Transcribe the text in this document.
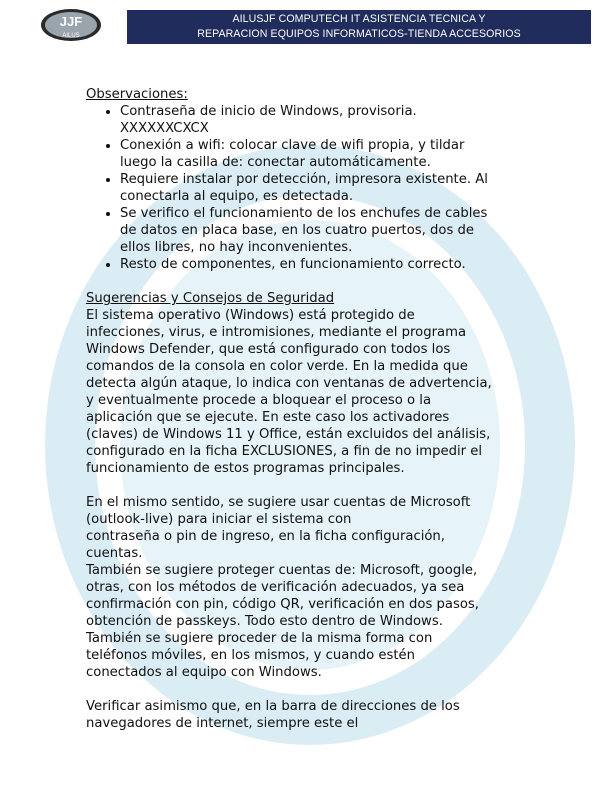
JJF
AILUS
AILUSJF COMPUTECH IT ASISTENCIA TECNICA Y
REPARACION EQUIPOS INFORMATICOS-TIENDA ACCESORIOS
Observaciones:
• Contraseña de inicio de Windows, provisoria.
XXXXXXCXCX
• Conexión a wifi: colocar clave de wifi propia, y tildar
luego la casilla de: conectar automáticamente.
• Requiere instalar por detección, impresora existente. Al
conectarla al equipo, es detectada.
• Se verifico el funcionamiento de los enchufes de cables
de datos en placa base, en los cuatro puertos, dos de
ellos libres, no hay inconvenientes.
• Resto de componentes, en funcionamiento correcto.
Sugerencias y Consejos de Seguridad

El sistema operativo (Windows) está protegido de
infecciones, virus, e intromisiones, mediante el programa
Windows Defender, que está configurado con todos los
comandos de la consola en color verde. En la medida que
detecta algún ataque, lo indica con ventanas de advertencia,
y eventualmente procede a bloquear el proceso o la
aplicación que se ejecute. En este caso los activadores
(claves) de Windows 11 y Office, están excluidos del análisis,
configurado en la ficha EXCLUSIONES, a fin de no impedir el
funcionamiento de estos programas principales.

En el mismo sentido, se sugiere usar cuentas de Microsoft
(outlook-live) para iniciar el sistema con
contraseña o pin de ingreso, en la ficha configuración,
cuentas.
También se sugiere proteger cuentas de: Microsoft, google,
otras, con los métodos de verificación adecuados, ya sea
confirmación con pin, código QR, verificación en dos pasos,
obtención de passkeys. Todo esto dentro de Windows.
También se sugiere proceder de la misma forma con
teléfonos móviles, en los mismos, y cuando estén
conectados al equipo con Windows.

Verificar asimismo que, en la barra de direcciones de los
navegadores de internet, siempre este el
